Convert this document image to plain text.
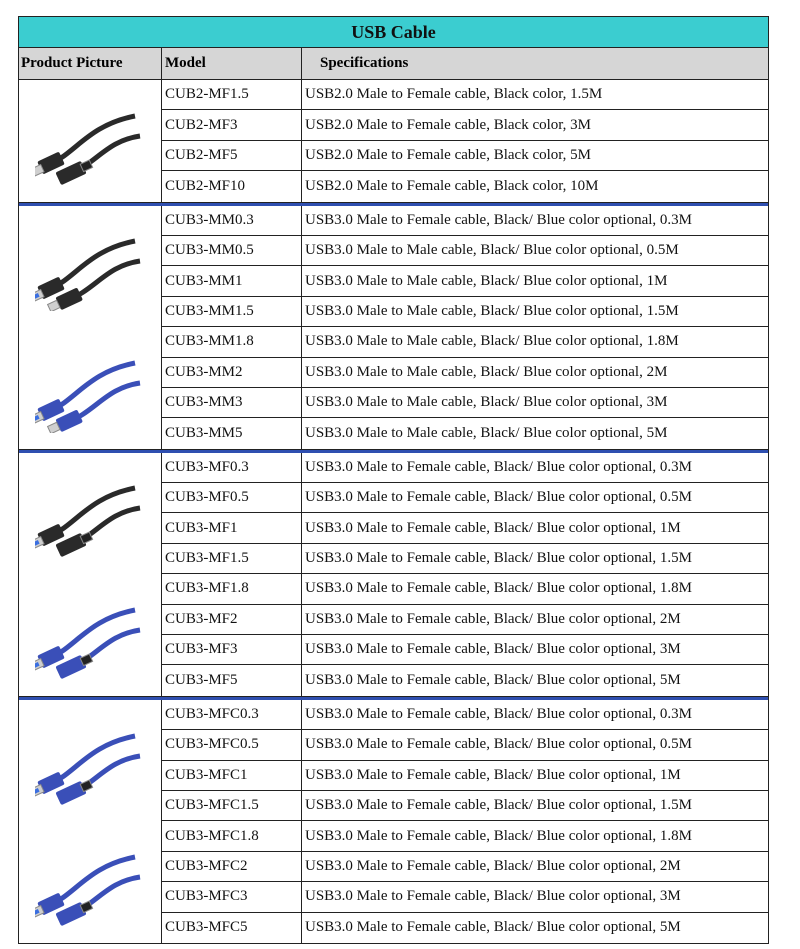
USB Cable
Product Picture	Model	Specifications
CUB2-MF1.5	USB2.0 Male to Female cable, Black color, 1.5M
CUB2-MF3	USB2.0 Male to Female cable, Black color, 3M
CUB2-MF5	USB2.0 Male to Female cable, Black color, 5M
CUB2-MF10	USB2.0 Male to Female cable, Black color, 10M
CUB3-MM0.3	USB3.0 Male to Female cable, Black/ Blue color optional, 0.3M
CUB3-MM0.5	USB3.0 Male to Male cable, Black/ Blue color optional, 0.5M
CUB3-MM1	USB3.0 Male to Male cable, Black/ Blue color optional, 1M
CUB3-MM1.5	USB3.0 Male to Male cable, Black/ Blue color optional, 1.5M
CUB3-MM1.8	USB3.0 Male to Male cable, Black/ Blue color optional, 1.8M
CUB3-MM2	USB3.0 Male to Male cable, Black/ Blue color optional, 2M
CUB3-MM3	USB3.0 Male to Male cable, Black/ Blue color optional, 3M
CUB3-MM5	USB3.0 Male to Male cable, Black/ Blue color optional, 5M
CUB3-MF0.3	USB3.0 Male to Female cable, Black/ Blue color optional, 0.3M
CUB3-MF0.5	USB3.0 Male to Female cable, Black/ Blue color optional, 0.5M
CUB3-MF1	USB3.0 Male to Female cable, Black/ Blue color optional, 1M
CUB3-MF1.5	USB3.0 Male to Female cable, Black/ Blue color optional, 1.5M
CUB3-MF1.8	USB3.0 Male to Female cable, Black/ Blue color optional, 1.8M
CUB3-MF2	USB3.0 Male to Female cable, Black/ Blue color optional, 2M
CUB3-MF3	USB3.0 Male to Female cable, Black/ Blue color optional, 3M
CUB3-MF5	USB3.0 Male to Female cable, Black/ Blue color optional, 5M
CUB3-MFC0.3	USB3.0 Male to Female cable, Black/ Blue color optional, 0.3M
CUB3-MFC0.5	USB3.0 Male to Female cable, Black/ Blue color optional, 0.5M
CUB3-MFC1	USB3.0 Male to Female cable, Black/ Blue color optional, 1M
CUB3-MFC1.5	USB3.0 Male to Female cable, Black/ Blue color optional, 1.5M
CUB3-MFC1.8	USB3.0 Male to Female cable, Black/ Blue color optional, 1.8M
CUB3-MFC2	USB3.0 Male to Female cable, Black/ Blue color optional, 2M
CUB3-MFC3	USB3.0 Male to Female cable, Black/ Blue color optional, 3M
CUB3-MFC5	USB3.0 Male to Female cable, Black/ Blue color optional, 5M
